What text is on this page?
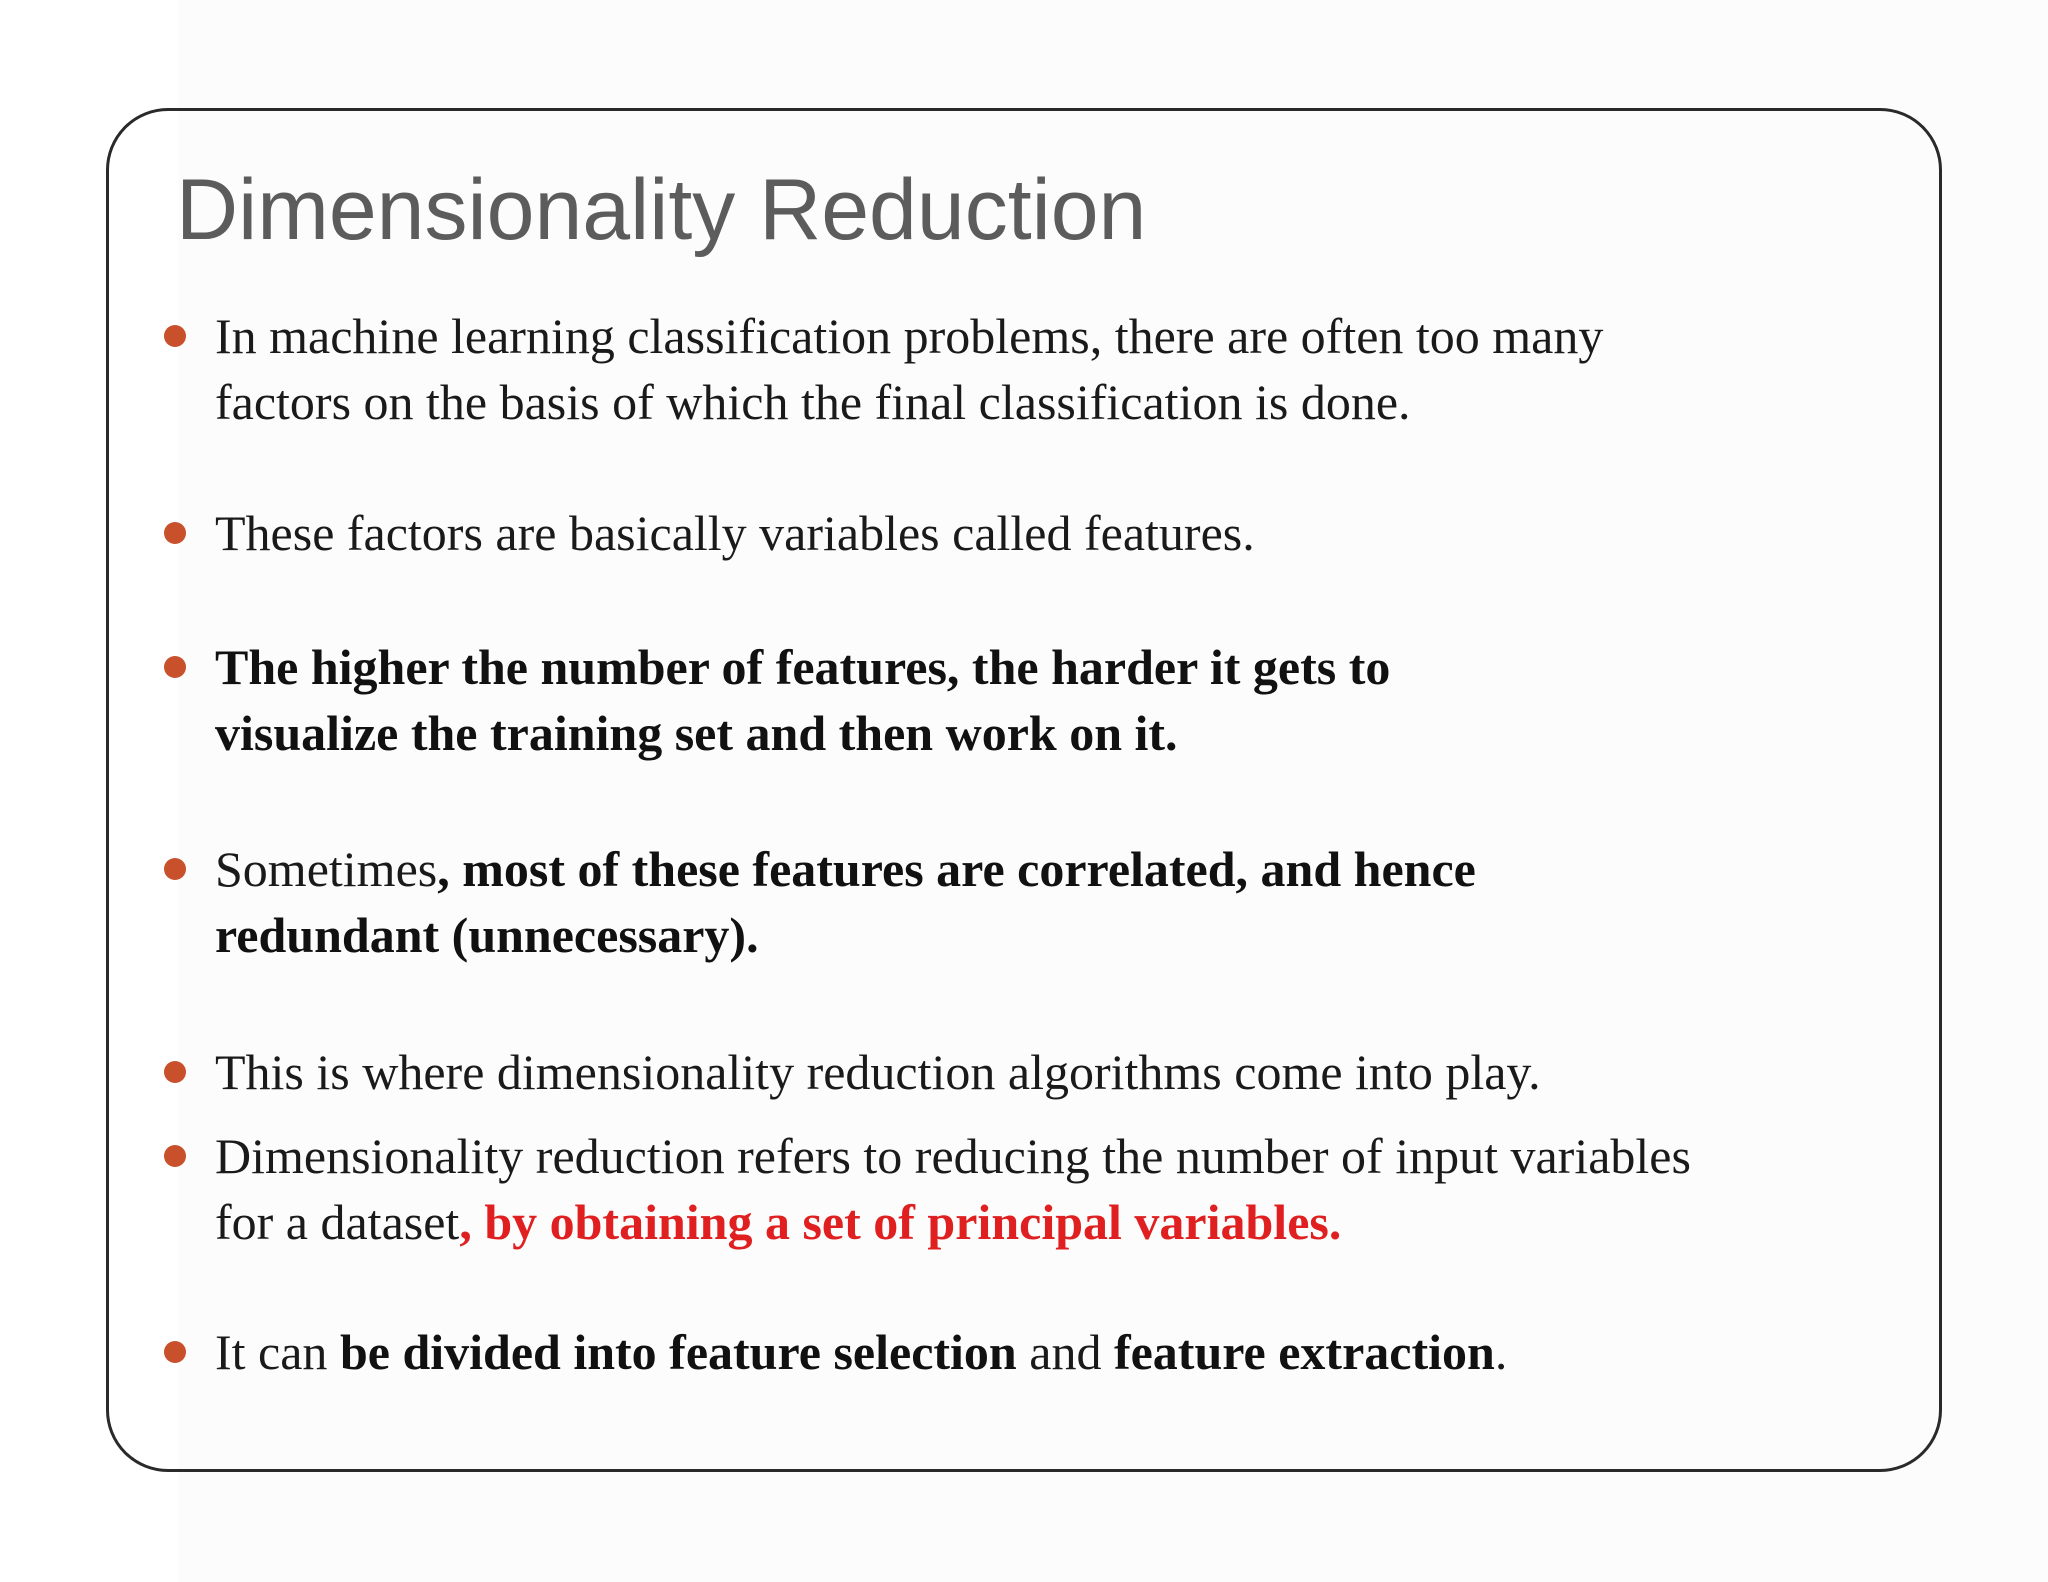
Dimensionality Reduction
In machine learning classification problems, there are often too many
factors on the basis of which the final classification is done.
These factors are basically variables called features.
The higher the number of features, the harder it gets to
visualize the training set and then work on it.
Sometimes, most of these features are correlated, and hence
redundant (unnecessary).
This is where dimensionality reduction algorithms come into play.
Dimensionality reduction refers to reducing the number of input variables
for a dataset, by obtaining a set of principal variables.
It can be divided into feature selection and feature extraction.
